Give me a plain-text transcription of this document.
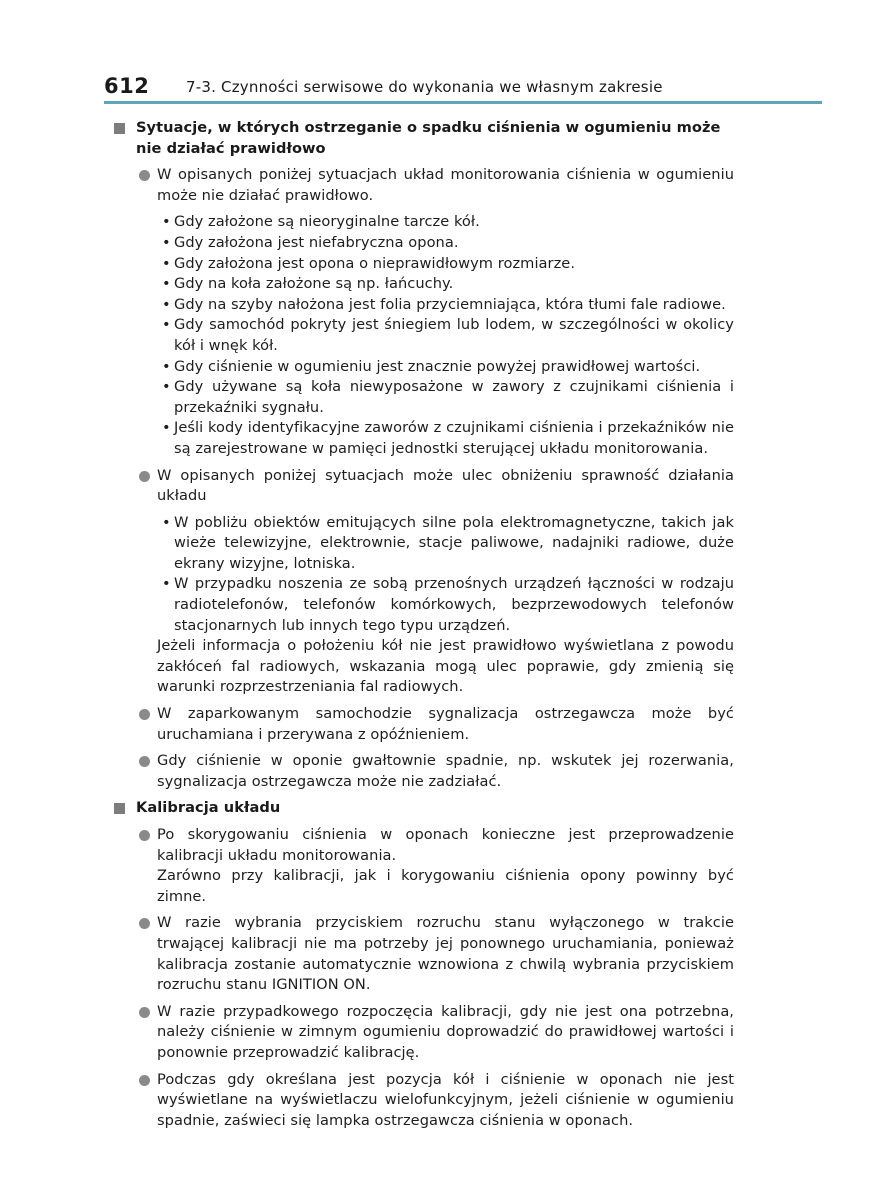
612 7-3. Czynności serwisowe do wykonania we własnym zakresie
Sytuacje, w których ostrzeganie o spadku ciśnienia w ogumieniu może nie działać prawidłowo

W opisanych poniżej sytuacjach układ monitorowania ciśnienia w ogumieniu może nie działać prawidłowo.

• Gdy założone są nieoryginalne tarcze kół.
• Gdy założona jest niefabryczna opona.
• Gdy założona jest opona o nieprawidłowym rozmiarze.
• Gdy na koła założone są np. łańcuchy.
• Gdy na szyby nałożona jest folia przyciemniająca, która tłumi fale radiowe.
• Gdy samochód pokryty jest śniegiem lub lodem, w szczególności w okolicy kół i wnęk kół.
• Gdy ciśnienie w ogumieniu jest znacznie powyżej prawidłowej wartości.
• Gdy używane są koła niewyposażone w zawory z czujnikami ciśnienia i przekaźniki sygnału.
• Jeśli kody identyfikacyjne zaworów z czujnikami ciśnienia i przekaźników nie są zarejestrowane w pamięci jednostki sterującej układu monitorowania.

W opisanych poniżej sytuacjach może ulec obniżeniu sprawność działania układu

• W pobliżu obiektów emitujących silne pola elektromagnetyczne, takich jak wieże telewizyjne, elektrownie, stacje paliwowe, nadajniki radiowe, duże ekrany wizyjne, lotniska.
• W przypadku noszenia ze sobą przenośnych urządzeń łączności w rodzaju radiotelefonów, telefonów komórkowych, bezprzewodowych telefonów stacjonarnych lub innych tego typu urządzeń.

Jeżeli informacja o położeniu kół nie jest prawidłowo wyświetlana z powodu zakłóceń fal radiowych, wskazania mogą ulec poprawie, gdy zmienią się warunki rozprzestrzeniania fal radiowych.

W zaparkowanym samochodzie sygnalizacja ostrzegawcza może być uruchamiana i przerywana z opóźnieniem.

Gdy ciśnienie w oponie gwałtownie spadnie, np. wskutek jej rozerwania, sygnalizacja ostrzegawcza może nie zadziałać.

Kalibracja układu

Po skorygowaniu ciśnienia w oponach konieczne jest przeprowadzenie kalibracji układu monitorowania.

Zarówno przy kalibracji, jak i korygowaniu ciśnienia opony powinny być zimne.

W razie wybrania przyciskiem rozruchu stanu wyłączonego w trakcie trwającej kalibracji nie ma potrzeby jej ponownego uruchamiania, ponieważ kalibracja zostanie automatycznie wznowiona z chwilą wybrania przyciskiem rozruchu stanu IGNITION ON.

W razie przypadkowego rozpoczęcia kalibracji, gdy nie jest ona potrzebna, należy ciśnienie w zimnym ogumieniu doprowadzić do prawidłowej wartości i ponownie przeprowadzić kalibrację.

Podczas gdy określana jest pozycja kół i ciśnienie w oponach nie jest wyświetlane na wyświetlaczu wielofunkcyjnym, jeżeli ciśnienie w ogumieniu spadnie, zaświeci się lampka ostrzegawcza ciśnienia w oponach.
